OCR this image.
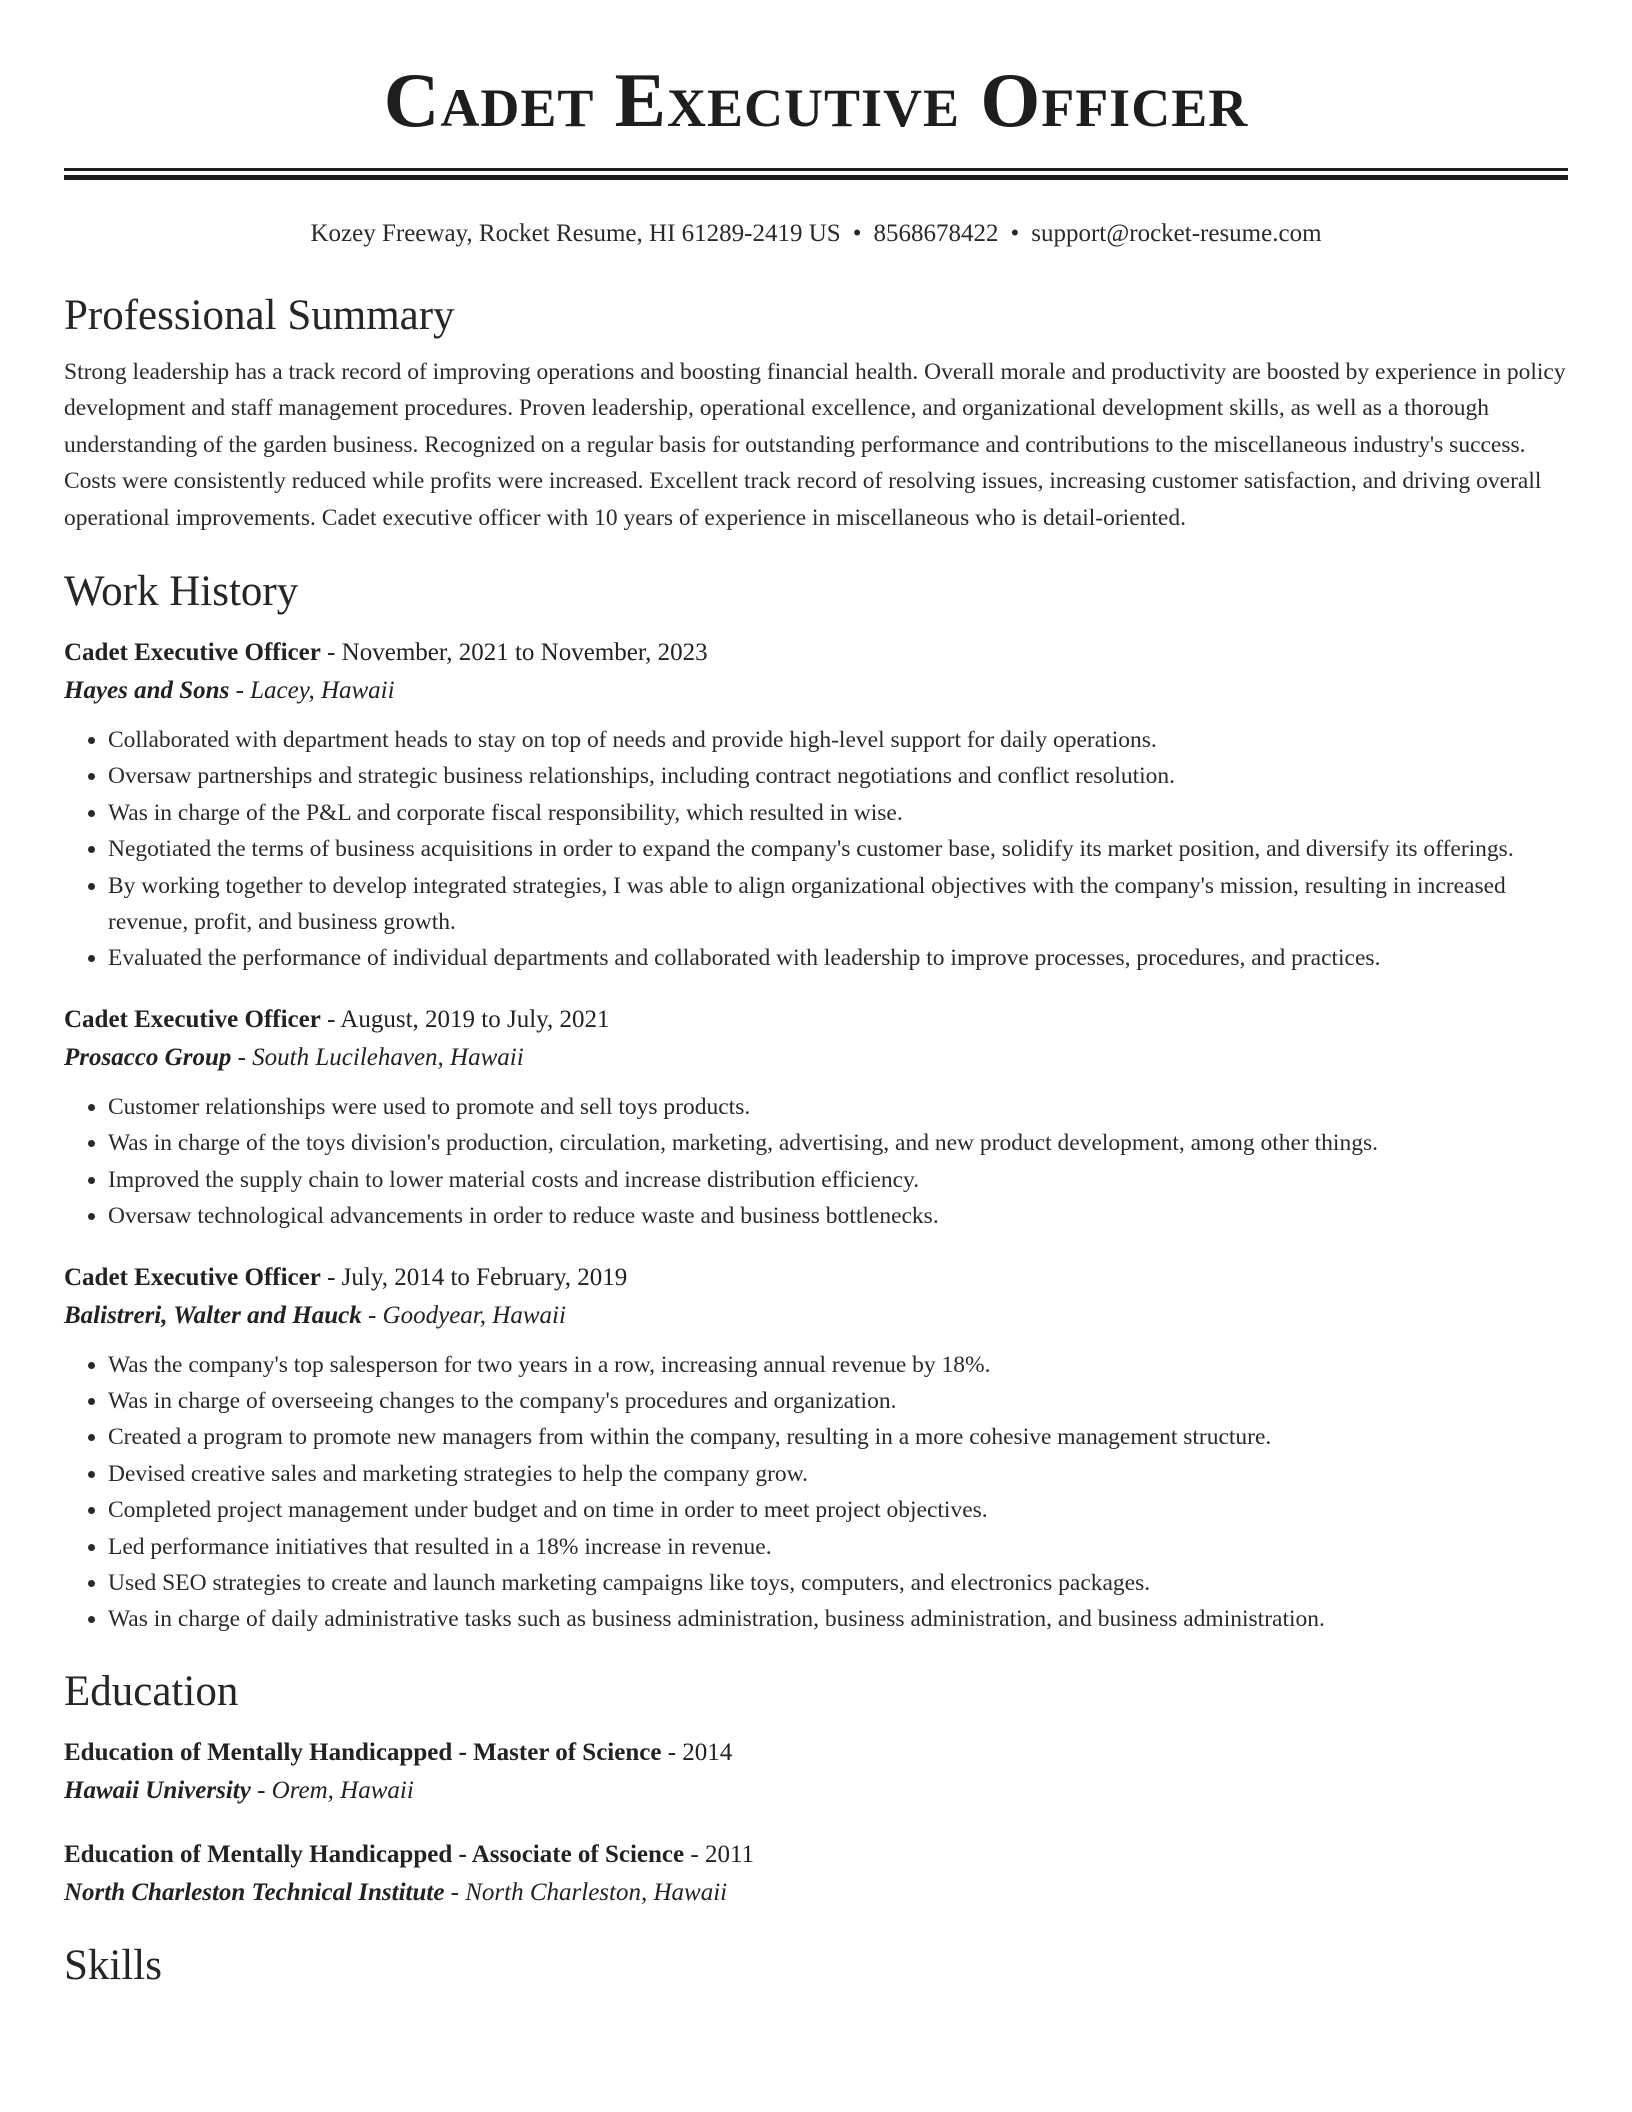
Cadet Executive Officer
Kozey Freeway, Rocket Resume, HI 61289-2419 US • 8568678422 • support@rocket-resume.com
Professional Summary

Strong leadership has a track record of improving operations and boosting financial health. Overall morale and productivity are boosted by experience in policy development and staff management procedures. Proven leadership, operational excellence, and organizational development skills, as well as a thorough understanding of the garden business. Recognized on a regular basis for outstanding performance and contributions to the miscellaneous industry's success. Costs were consistently reduced while profits were increased. Excellent track record of resolving issues, increasing customer satisfaction, and driving overall operational improvements. Cadet executive officer with 10 years of experience in miscellaneous who is detail-oriented.

Work History
Cadet Executive Officer - November, 2021 to November, 2023
Hayes and Sons - Lacey, Hawaii
• Collaborated with department heads to stay on top of needs and provide high-level support for daily operations.
• Oversaw partnerships and strategic business relationships, including contract negotiations and conflict resolution.
• Was in charge of the P&L and corporate fiscal responsibility, which resulted in wise.
• Negotiated the terms of business acquisitions in order to expand the company's customer base, solidify its market position, and diversify its offerings.
• By working together to develop integrated strategies, I was able to align organizational objectives with the company's mission, resulting in increased revenue, profit, and business growth.
• Evaluated the performance of individual departments and collaborated with leadership to improve processes, procedures, and practices.
Cadet Executive Officer - August, 2019 to July, 2021
Prosacco Group - South Lucilehaven, Hawaii
• Customer relationships were used to promote and sell toys products.
• Was in charge of the toys division's production, circulation, marketing, advertising, and new product development, among other things.
• Improved the supply chain to lower material costs and increase distribution efficiency.
• Oversaw technological advancements in order to reduce waste and business bottlenecks.
Cadet Executive Officer - July, 2014 to February, 2019
Balistreri, Walter and Hauck - Goodyear, Hawaii
• Was the company's top salesperson for two years in a row, increasing annual revenue by 18%.
• Was in charge of overseeing changes to the company's procedures and organization.
• Created a program to promote new managers from within the company, resulting in a more cohesive management structure.
• Devised creative sales and marketing strategies to help the company grow.
• Completed project management under budget and on time in order to meet project objectives.
• Led performance initiatives that resulted in a 18% increase in revenue.
• Used SEO strategies to create and launch marketing campaigns like toys, computers, and electronics packages.
• Was in charge of daily administrative tasks such as business administration, business administration, and business administration.
Education
Education of Mentally Handicapped - Master of Science - 2014
Hawaii University - Orem, Hawaii
Education of Mentally Handicapped - Associate of Science - 2011
North Charleston Technical Institute - North Charleston, Hawaii
Skills
